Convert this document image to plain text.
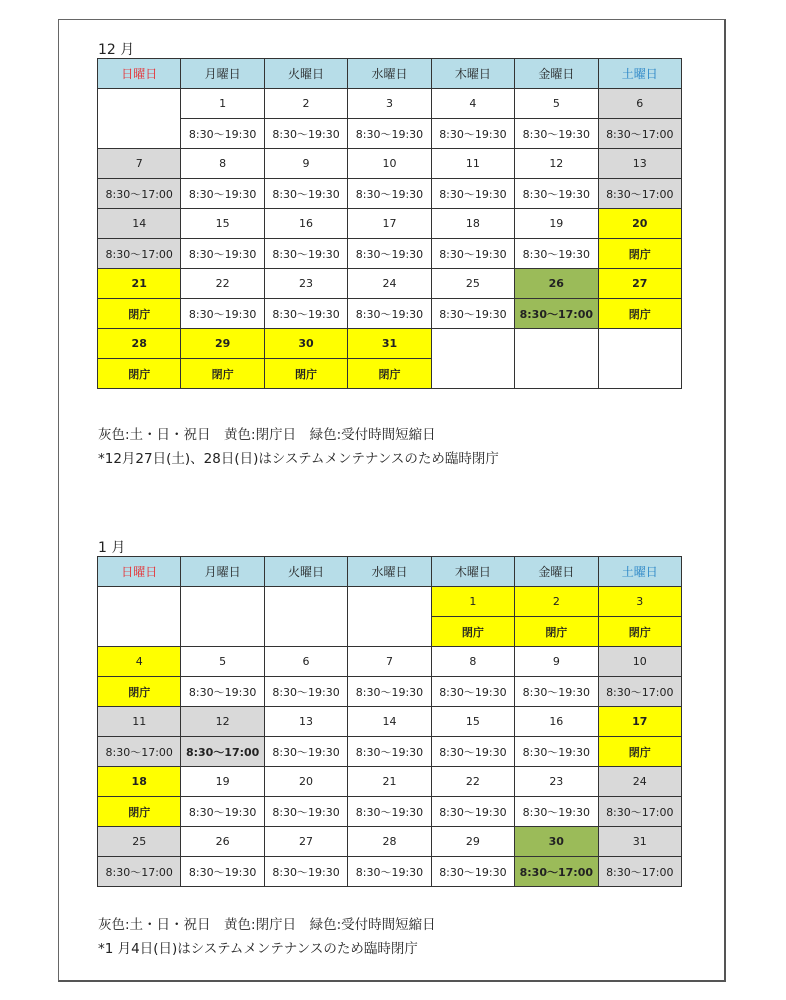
12 月
日曜日	月曜日	火曜日	水曜日	木曜日	金曜日	土曜日
	1	2	3	4	5	6
	8:30〜19:30	8:30〜19:30	8:30〜19:30	8:30〜19:30	8:30〜19:30	8:30〜17:00
7	8	9	10	11	12	13
8:30〜17:00	8:30〜19:30	8:30〜19:30	8:30〜19:30	8:30〜19:30	8:30〜19:30	8:30〜17:00
14	15	16	17	18	19	20
8:30〜17:00	8:30〜19:30	8:30〜19:30	8:30〜19:30	8:30〜19:30	8:30〜19:30	閉庁
21	22	23	24	25	26	27
閉庁	8:30〜19:30	8:30〜19:30	8:30〜19:30	8:30〜19:30	8:30〜17:00	閉庁
28	29	30	31			
閉庁	閉庁	閉庁	閉庁			
灰色:土・日・祝日　黄色:閉庁日　緑色:受付時間短縮日
*12月27日(土)、28日(日)はシステムメンテナンスのため臨時閉庁
1 月
日曜日	月曜日	火曜日	水曜日	木曜日	金曜日	土曜日
				1	2	3
				閉庁	閉庁	閉庁
4	5	6	7	8	9	10
閉庁	8:30〜19:30	8:30〜19:30	8:30〜19:30	8:30〜19:30	8:30〜19:30	8:30〜17:00
11	12	13	14	15	16	17
8:30〜17:00	8:30〜17:00	8:30〜19:30	8:30〜19:30	8:30〜19:30	8:30〜19:30	閉庁
18	19	20	21	22	23	24
閉庁	8:30〜19:30	8:30〜19:30	8:30〜19:30	8:30〜19:30	8:30〜19:30	8:30〜17:00
25	26	27	28	29	30	31
8:30〜17:00	8:30〜19:30	8:30〜19:30	8:30〜19:30	8:30〜19:30	8:30〜17:00	8:30〜17:00
灰色:土・日・祝日　黄色:閉庁日　緑色:受付時間短縮日
*1 月4日(日)はシステムメンテナンスのため臨時閉庁
